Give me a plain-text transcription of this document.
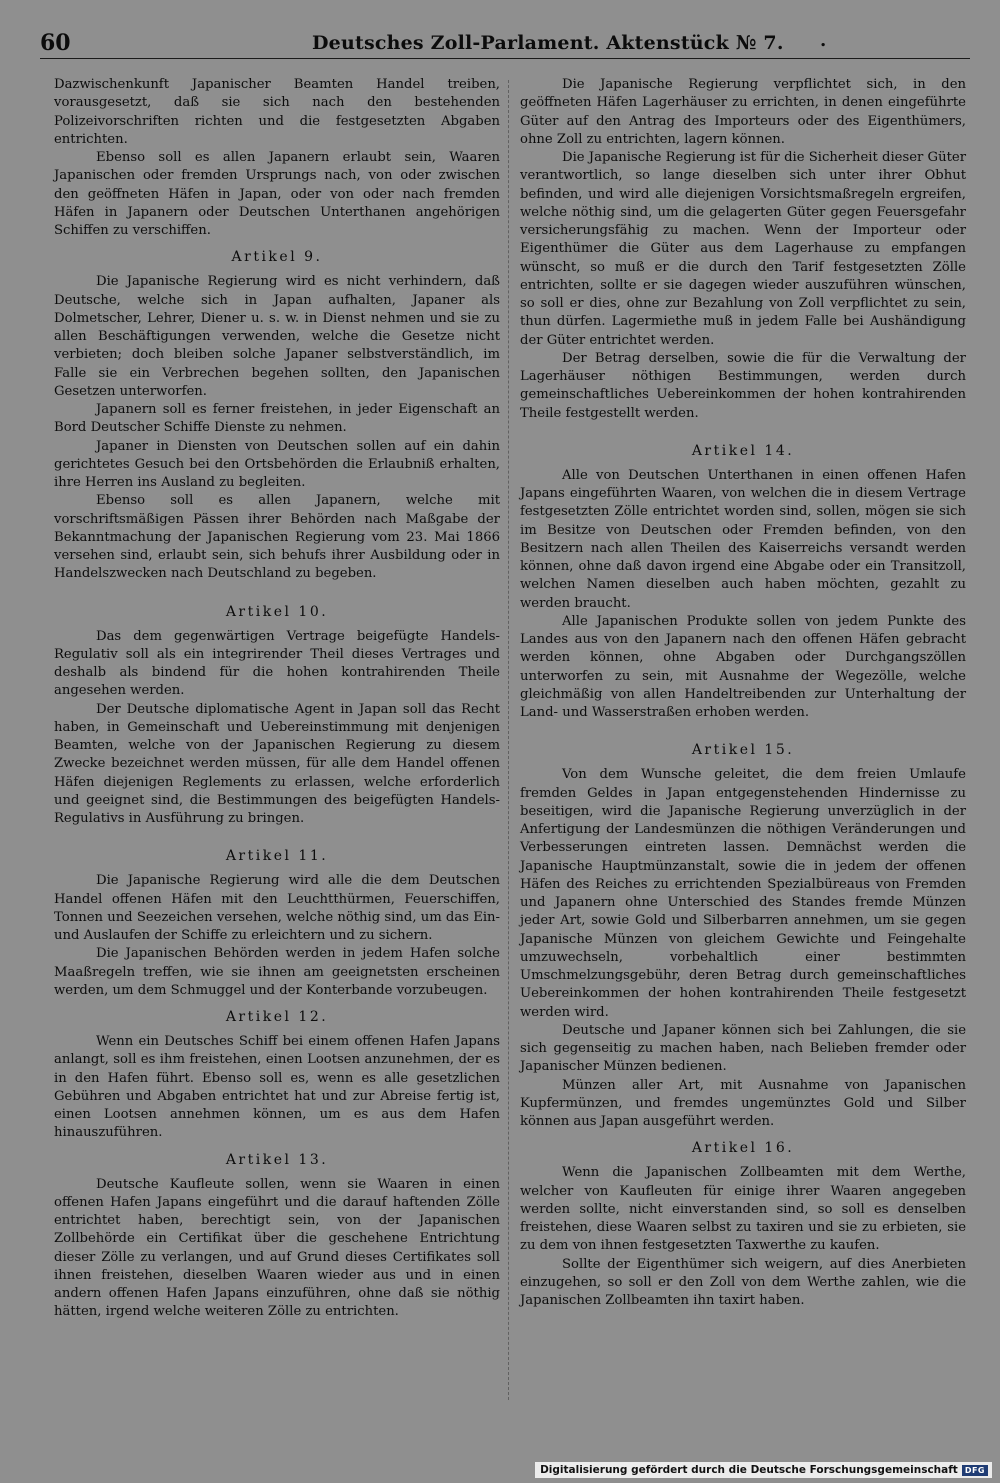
60	Deutsches Zoll-Parlament. Aktenstück № 7. .

Dazwischenkunft Japanischer Beamten Handel treiben, vorausgesetzt, daß sie sich nach den bestehenden Polizeivorschriften richten und die festgesetzten Abgaben entrichten.

Ebenso soll es allen Japanern erlaubt sein, Waaren Japanischen oder fremden Ursprungs nach, von oder zwischen den geöffneten Häfen in Japan, oder von oder nach fremden Häfen in Japanern oder Deutschen Unterthanen angehörigen Schiffen zu verschiffen.

Artikel 9.

Die Japanische Regierung wird es nicht verhindern, daß Deutsche, welche sich in Japan aufhalten, Japaner als Dolmetscher, Lehrer, Diener u. s. w. in Dienst nehmen und sie zu allen Beschäftigungen verwenden, welche die Gesetze nicht verbieten; doch bleiben solche Japaner selbstverständlich, im Falle sie ein Verbrechen begehen sollten, den Japanischen Gesetzen unterworfen.

Japanern soll es ferner freistehen, in jeder Eigenschaft an Bord Deutscher Schiffe Dienste zu nehmen.

Japaner in Diensten von Deutschen sollen auf ein dahin gerichtetes Gesuch bei den Ortsbehörden die Erlaubniß erhalten, ihre Herren ins Ausland zu begleiten.

Ebenso soll es allen Japanern, welche mit vorschriftsmäßigen Pässen ihrer Behörden nach Maßgabe der Bekanntmachung der Japanischen Regierung vom 23. Mai 1866 versehen sind, erlaubt sein, sich behufs ihrer Ausbildung oder in Handelszwecken nach Deutschland zu begeben.

Artikel 10.

Das dem gegenwärtigen Vertrage beigefügte Handels-Regulativ soll als ein integrirender Theil dieses Vertrages und deshalb als bindend für die hohen kontrahirenden Theile angesehen werden.

Der Deutsche diplomatische Agent in Japan soll das Recht haben, in Gemeinschaft und Uebereinstimmung mit denjenigen Beamten, welche von der Japanischen Regierung zu diesem Zwecke bezeichnet werden müssen, für alle dem Handel offenen Häfen diejenigen Reglements zu erlassen, welche erforderlich und geeignet sind, die Bestimmungen des beigefügten Handels-Regulativs in Ausführung zu bringen.

Artikel 11.

Die Japanische Regierung wird alle die dem Deutschen Handel offenen Häfen mit den Leuchtthürmen, Feuerschiffen, Tonnen und Seezeichen versehen, welche nöthig sind, um das Ein- und Auslaufen der Schiffe zu erleichtern und zu sichern.

Die Japanischen Behörden werden in jedem Hafen solche Maaßregeln treffen, wie sie ihnen am geeignetsten erscheinen werden, um dem Schmuggel und der Konterbande vorzubeugen.

Artikel 12.

Wenn ein Deutsches Schiff bei einem offenen Hafen Japans anlangt, soll es ihm freistehen, einen Lootsen anzunehmen, der es in den Hafen führt. Ebenso soll es, wenn es alle gesetzlichen Gebühren und Abgaben entrichtet hat und zur Abreise fertig ist, einen Lootsen annehmen können, um es aus dem Hafen hinauszuführen.

Artikel 13.

Deutsche Kaufleute sollen, wenn sie Waaren in einen offenen Hafen Japans eingeführt und die darauf haftenden Zölle entrichtet haben, berechtigt sein, von der Japanischen Zollbehörde ein Certifikat über die geschehene Entrichtung dieser Zölle zu verlangen, und auf Grund dieses Certifikates soll ihnen freistehen, dieselben Waaren wieder aus und in einen andern offenen Hafen Japans einzuführen, ohne daß sie nöthig hätten, irgend welche weiteren Zölle zu entrichten.

Die Japanische Regierung verpflichtet sich, in den geöffneten Häfen Lagerhäuser zu errichten, in denen eingeführte Güter auf den Antrag des Importeurs oder des Eigenthümers, ohne Zoll zu entrichten, lagern können.

Die Japanische Regierung ist für die Sicherheit dieser Güter verantwortlich, so lange dieselben sich unter ihrer Obhut befinden, und wird alle diejenigen Vorsichtsmaßregeln ergreifen, welche nöthig sind, um die gelagerten Güter gegen Feuersgefahr versicherungsfähig zu machen. Wenn der Importeur oder Eigenthümer die Güter aus dem Lagerhause zu empfangen wünscht, so muß er die durch den Tarif festgesetzten Zölle entrichten, sollte er sie dagegen wieder auszuführen wünschen, so soll er dies, ohne zur Bezahlung von Zoll verpflichtet zu sein, thun dürfen. Lagermiethe muß in jedem Falle bei Aushändigung der Güter entrichtet werden.

Der Betrag derselben, sowie die für die Verwaltung der Lagerhäuser nöthigen Bestimmungen, werden durch gemeinschaftliches Uebereinkommen der hohen kontrahirenden Theile festgestellt werden.

Artikel 14.

Alle von Deutschen Unterthanen in einen offenen Hafen Japans eingeführten Waaren, von welchen die in diesem Vertrage festgesetzten Zölle entrichtet worden sind, sollen, mögen sie sich im Besitze von Deutschen oder Fremden befinden, von den Besitzern nach allen Theilen des Kaiserreichs versandt werden können, ohne daß davon irgend eine Abgabe oder ein Transitzoll, welchen Namen dieselben auch haben möchten, gezahlt zu werden braucht.

Alle Japanischen Produkte sollen von jedem Punkte des Landes aus von den Japanern nach den offenen Häfen gebracht werden können, ohne Abgaben oder Durchgangszöllen unterworfen zu sein, mit Ausnahme der Wegezölle, welche gleichmäßig von allen Handeltreibenden zur Unterhaltung der Land- und Wasserstraßen erhoben werden.

Artikel 15.

Von dem Wunsche geleitet, die dem freien Umlaufe fremden Geldes in Japan entgegenstehenden Hindernisse zu beseitigen, wird die Japanische Regierung unverzüglich in der Anfertigung der Landesmünzen die nöthigen Veränderungen und Verbesserungen eintreten lassen. Demnächst werden die Japanische Hauptmünzanstalt, sowie die in jedem der offenen Häfen des Reiches zu errichtenden Spezialbüreaus von Fremden und Japanern ohne Unterschied des Standes fremde Münzen jeder Art, sowie Gold und Silberbarren annehmen, um sie gegen Japanische Münzen von gleichem Gewichte und Feingehalte umzuwechseln, vorbehaltlich einer bestimmten Umschmelzungsgebühr, deren Betrag durch gemeinschaftliches Uebereinkommen der hohen kontrahirenden Theile festgesetzt werden wird.

Deutsche und Japaner können sich bei Zahlungen, die sie sich gegenseitig zu machen haben, nach Belieben fremder oder Japanischer Münzen bedienen.

Münzen aller Art, mit Ausnahme von Japanischen Kupfermünzen, und fremdes ungemünztes Gold und Silber können aus Japan ausgeführt werden.

Artikel 16.

Wenn die Japanischen Zollbeamten mit dem Werthe, welcher von Kaufleuten für einige ihrer Waaren angegeben werden sollte, nicht einverstanden sind, so soll es denselben freistehen, diese Waaren selbst zu taxiren und sie zu erbieten, sie zu dem von ihnen festgesetzten Taxwerthe zu kaufen.

Sollte der Eigenthümer sich weigern, auf dies Anerbieten einzugehen, so soll er den Zoll von dem Werthe zahlen, wie die Japanischen Zollbeamten ihn taxirt haben.

Digitalisierung gefördert durch die Deutsche Forschungsgemeinschaft DFG
